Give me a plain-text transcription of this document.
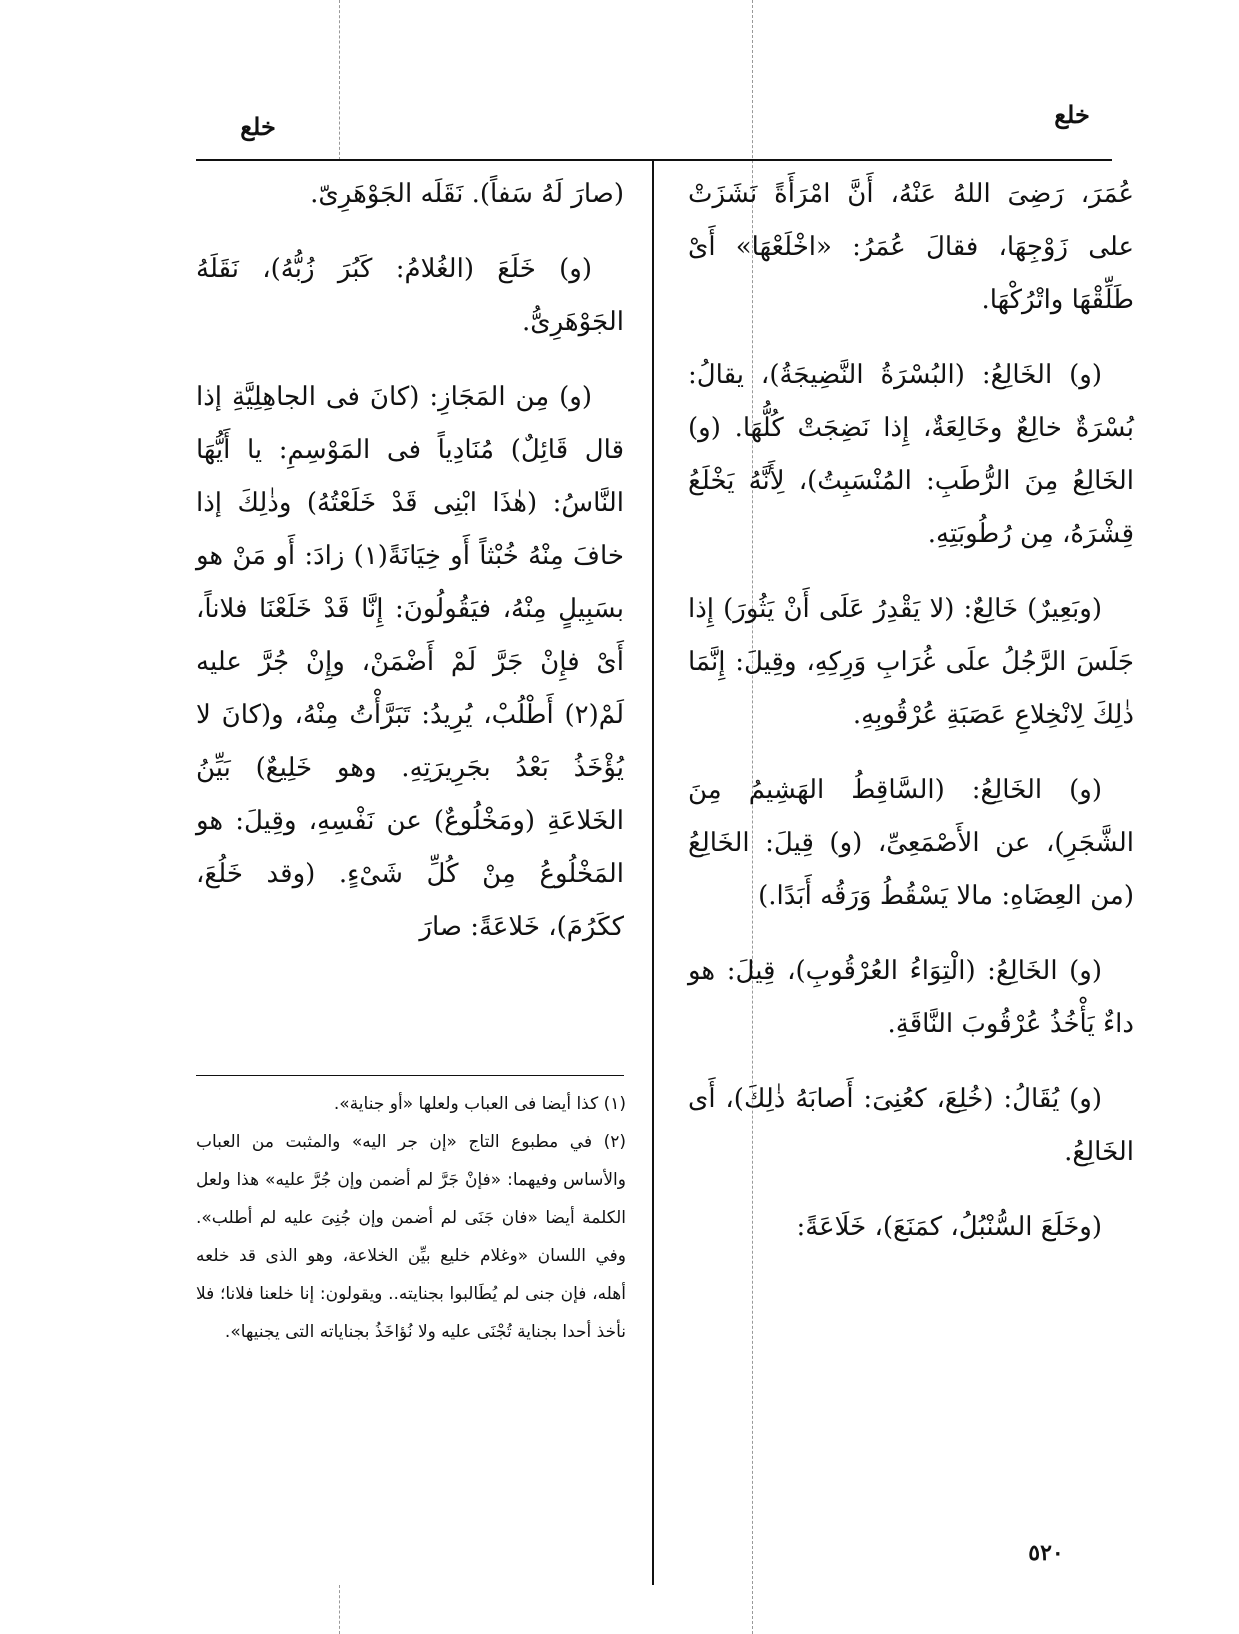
خلع
خلع

عُمَرَ، رَضِىَ اللهُ عَنْهُ، أَنَّ امْرَأَةً نَشَزَتْ على زَوْجِهَا، فقالَ عُمَرُ: «اخْلَعْهَا» أَىْ طَلِّقْهَا واتْرُكْهَا.

(و) الخَالِعُ: (البُسْرَةُ النَّضِيجَةُ)، يقالُ: بُسْرَةٌ خالِعٌ وخَالِعَةٌ، إِذا نَضِجَتْ كُلُّهَا. (و) الخَالِعُ مِنَ الرُّطَبِ: المُنْسَبِتُ)، لِأَنَّهُ يَخْلَعُ قِشْرَهُ، مِن رُطُوبَتِهِ.

(وبَعِيرٌ) خَالِعٌ: (لا يَقْدِرُ عَلَى أَنْ يَثُورَ) إِذا جَلَسَ الرَّجُلُ علَى غُرَابِ وَرِكِهِ، وقِيلَ: إِنَّمَا ذٰلِكَ لِانْخِلاعِ عَصَبَةِ عُرْقُوبِهِ.

(و) الخَالِعُ: (السَّاقِطُ الهَشِيمُ مِنَ الشَّجَرِ)، عن الأَصْمَعِىِّ، (و) قِيلَ: الخَالِعُ (من العِضَاهِ: مالا يَسْقُطُ وَرَقُه أَبَدًا.)

(و) الخَالِعُ: (الْتِوَاءُ العُرْقُوبِ)، قِيلَ: هو داءٌ يَأْخُذُ عُرْقُوبَ النَّاقَةِ.

(و) يُقَالُ: (خُلِعَ، كعُنِىَ: أَصابَهُ ذٰلِكَ)، أَى الخَالِعُ.

(وخَلَعَ السُّنْبُلُ، كمَنَعَ)، خَلَاعَةً:

(صارَ لَهُ سَفاً). نَقَلَه الجَوْهَرِىّ.

(و) خَلَعَ (الغُلامُ: كَبُرَ زُبُّهُ)، نَقَلَهُ الجَوْهَرِىُّ.

(و) مِن المَجَازِ: (كانَ فى الجاهِلِيَّةِ إذا قال قَائِلٌ) مُنَادِياً فى المَوْسِمِ: يا أَيُّهَا النَّاسُ: (هٰذَا ابْنِى قَدْ خَلَعْتُهُ) وذٰلِكَ إذا خافَ مِنْهُ خُبْثاً أَو خِيَانَةً(١) زادَ: أَو مَنْ هو بسَبِيلٍ مِنْهُ، فيَقُولُونَ: إِنَّا قَدْ خَلَعْنَا فلاناً، أَىْ فإِنْ جَرَّ لَمْ أَضْمَنْ، وإِنْ جُرَّ عليه لَمْ(٢) أَطْلُبْ، يُرِيدُ: تَبَرَّأْتُ مِنْهُ، و(كانَ لا يُؤْخَذُ بَعْدُ بجَرِيرَتِهِ. وهو خَلِيعٌ) بَيِّنُ الخَلاعَةِ (ومَخْلُوعٌ) عن نَفْسِهِ، وقِيلَ: هو المَخْلُوعُ مِنْ كُلِّ شَىْءٍ. (وقد خَلُعَ، ككَرُمَ)، خَلاعَةً: صارَ

(١) كذا أيضا فى العباب ولعلها «أو جناية».

(٢) في مطبوع التاج «إن جر اليه» والمثبت من العباب والأساس وفيهما: «فإنْ جَرَّ لم أضمن وإن جُرَّ عليه» هذا ولعل الكلمة أيضا «فان جَنَى لم أضمن وإن جُنِىَ عليه لم أطلب». وفي اللسان «وغلام خليع بيِّن الخلاعة، وهو الذى قد خلعه أهله، فإن جنى لم يُطَالبوا بجنايته.. ويقولون: إنا خلعنا فلانا؛ فلا نأخذ أحدا بجناية تُجْنَى عليه ولا نُؤاخَذُ بجناياته التى يجنيها».

٥٢٠
